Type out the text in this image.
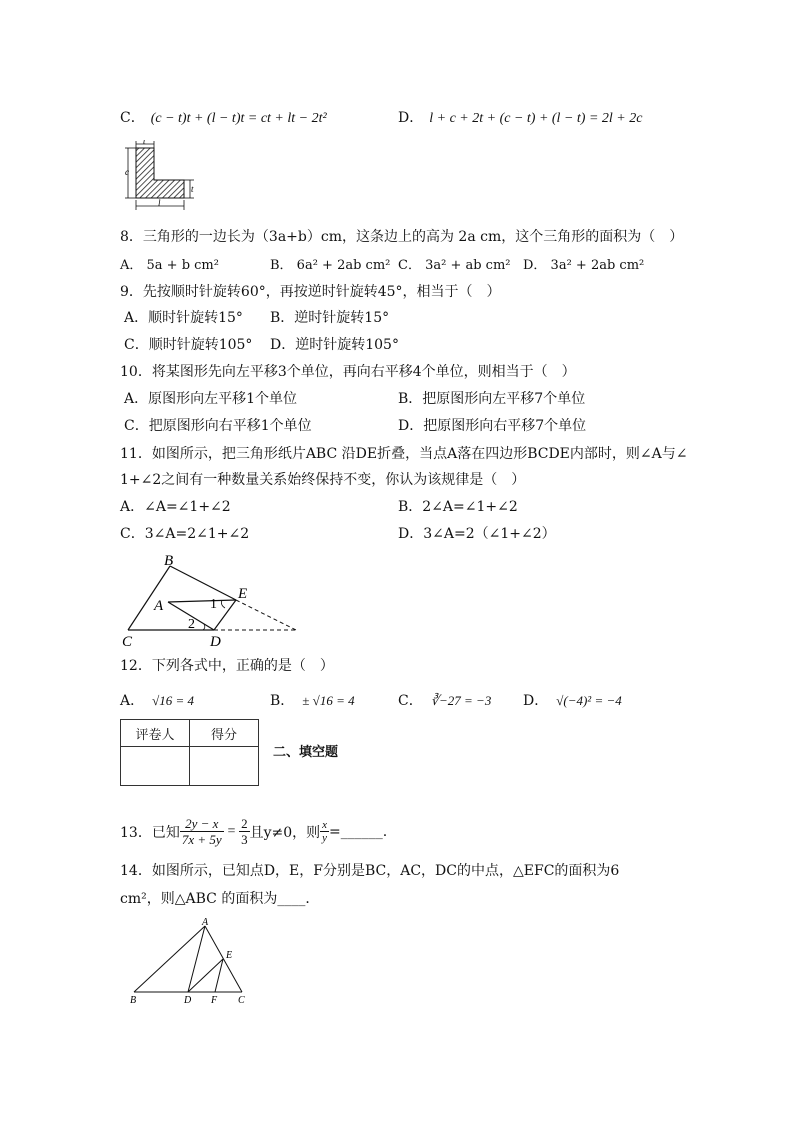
C． (c − t)t + (l − t)t = ct + lt − 2t²	D． l + c + 2t + (c − t) + (l − t) = 2l + 2c
t
c
t
l
8．三角形的一边长为（3a+b）cm，这条边上的高为 2a cm，这个三角形的面积为（　）
A． 5a + b cm²	B． 6a² + 2ab cm² C． 3a² + ab cm² D． 3a² + 2ab cm²
9．先按顺时针旋转60°，再按逆时针旋转45°，相当于（　）
A．顺时针旋转15° B．逆时针旋转15°
C．顺时针旋转105° D．逆时针旋转105°
10．将某图形先向左平移3个单位，再向右平移4个单位，则相当于（　）
A．原图形向左平移1个单位	B．把原图形向左平移7个单位
C．把原图形向右平移1个单位	D．把原图形向右平移7个单位
11．如图所示，把三角形纸片ABC 沿DE折叠，当点A落在四边形BCDE内部时，则∠A与∠
1+∠2之间有一种数量关系始终保持不变，你认为该规律是（　）
A．∠A=∠1+∠2	B．2∠A=∠1+∠2
C．3∠A=2∠1+∠2	D．3∠A=2（∠1+∠2）
B
E
A	1
2
C	D
12．下列各式中，正确的是（　）
A． √16 = 4	B． ± √16 = 4	C． ∛−27 = −3 D． √(−4)² = −4
评卷人	得分

二、填空题
13．已知 $\frac{2y - x}{7x + 5y} = \frac{2}{3}$ 且y≠0，则 $\frac{x}{y}$ =______.
14．如图所示，已知点D，E，F分别是BC，AC，DC的中点，△EFC的面积为6
cm²，则△ABC 的面积为____．
A
E
B	D F C
